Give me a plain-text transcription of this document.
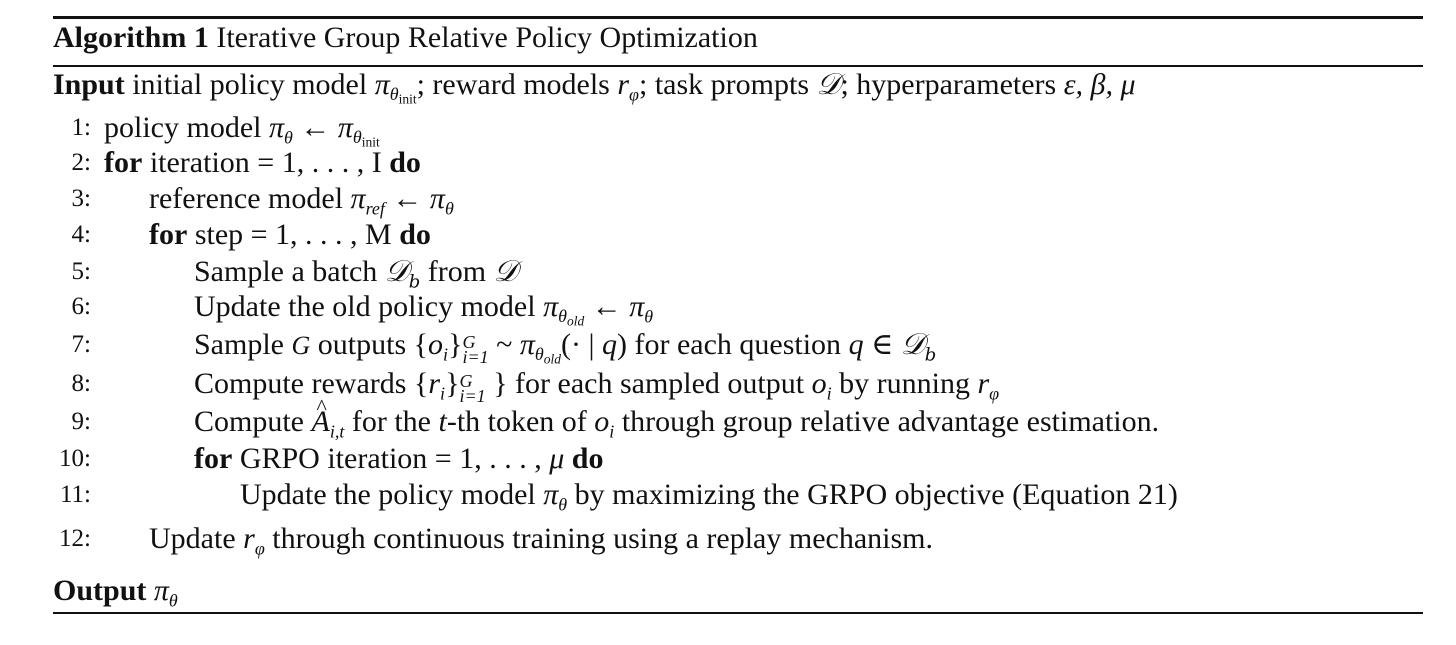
Algorithm 1 Iterative Group Relative Policy Optimization
Input initial policy model $\pi_{\theta_{init}}$; reward models $r_\varphi$; task prompts 𝒟; hyperparameters ε, β, μ
1: policy model $\pi_\theta$ ← $\pi_{\theta_{init}}$
2: for iteration = 1, . . . , I do
3: reference model $\pi_{ref}$ ← $\pi_\theta$
4: for step = 1, . . . , M do
5:	Sample a batch 𝒟$_b$ from 𝒟
6:	Update the old policy model $\pi_{\theta_{old}}$ ← $\pi_\theta$
7:	Sample G outputs $\{o_i\}$ G
i=1 ~ $\pi_{\theta_{old}}(\cdot$ | q) for each question q ∈ 𝒟$_b$
8:	Compute rewards $\{r_i\}$ G
i=1 } for each sampled output $o_i$ by running $r_\varphi$
9:	Compute ^ $A_{i,t}$ for the t-th token of $o_i$ through group relative advantage estimation.
10:	for GRPO iteration = 1, . . . , μ do
11:	Update the policy model $\pi_\theta$ by maximizing the GRPO objective (Equation 21)
12: Update $r_\varphi$ through continuous training using a replay mechanism.
Output $\pi_\theta$
